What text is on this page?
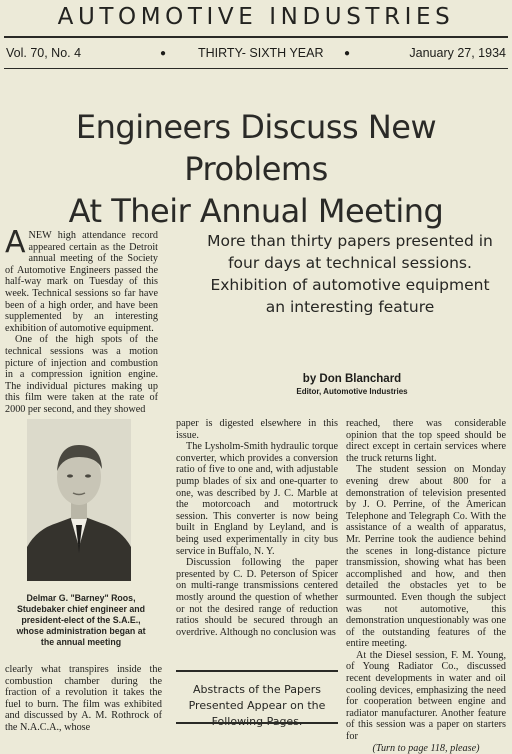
AUTOMOTIVE INDUSTRIES
Vol. 70, No. 4	●	THIRTY- SIXTH YEAR ●	January 27, 1934
Engineers Discuss New Problems
At Their Annual Meeting
More than thirty papers presented in four days at technical sessions. Exhibition of automotive equipment an interesting feature
by Don Blanchard
Editor, Automotive Industries

ANEW high attendance record appeared certain as the Detroit annual meeting of the Society of Automotive Engineers passed the half-way mark on Tuesday of this week. Technical sessions so far have been of a high order, and have been supplemented by an interesting exhibition of automotive equipment.

One of the high spots of the technical sessions was a motion picture of injection and combustion in a compression ignition engine. The individual pictures making up this film were taken at the rate of 2000 per second, and they showed

Delmar G. "Barney" Roos, Studebaker chief engineer and president-elect of the S.A.E., whose administration began at the annual meeting

clearly what transpires inside the combustion chamber during the fraction of a revolution it takes the fuel to burn. The film was exhibited and discussed by A. M. Rothrock of the N.A.C.A., whose

paper is digested elsewhere in this issue.

The Lysholm-Smith hydraulic torque converter, which provides a conversion ratio of five to one and, with adjustable pump blades of six and one-quarter to one, was described by J. C. Marble at the motorcoach and motortruck session. This converter is now being built in England by Leyland, and is being used experimentally in city bus service in Buffalo, N. Y.

Discussion following the paper presented by C. D. Peterson of Spicer on multi-range transmissions centered mostly around the question of whether or not the desired range of reduction ratios should be secured through an overdrive. Although no conclusion was

Abstracts of the Papers Presented Appear on the

reached, there was considerable opinion that the top speed should be direct except in certain services where the truck returns light.

The student session on Monday evening drew about 800 for a demonstration of television presented by J. O. Perrine, of the American Telephone and Telegraph Co. With the assistance of a wealth of apparatus, Mr. Perrine took the audience behind the scenes in long-distance picture transmission, showing what has been accomplished and how, and then detailed the obstacles yet to be surmounted. Even though the subject was not automotive, this demonstration unquestionably was one of the outstanding features of the entire meeting.

At the Diesel session, F. M. Young, of Young Radiator Co., discussed recent developments in water and oil cooling devices, emphasizing the need for cooperation between engine and radiator manufacturer. Another feature of this session was a paper on starters for

(Turn to page 118, please)
